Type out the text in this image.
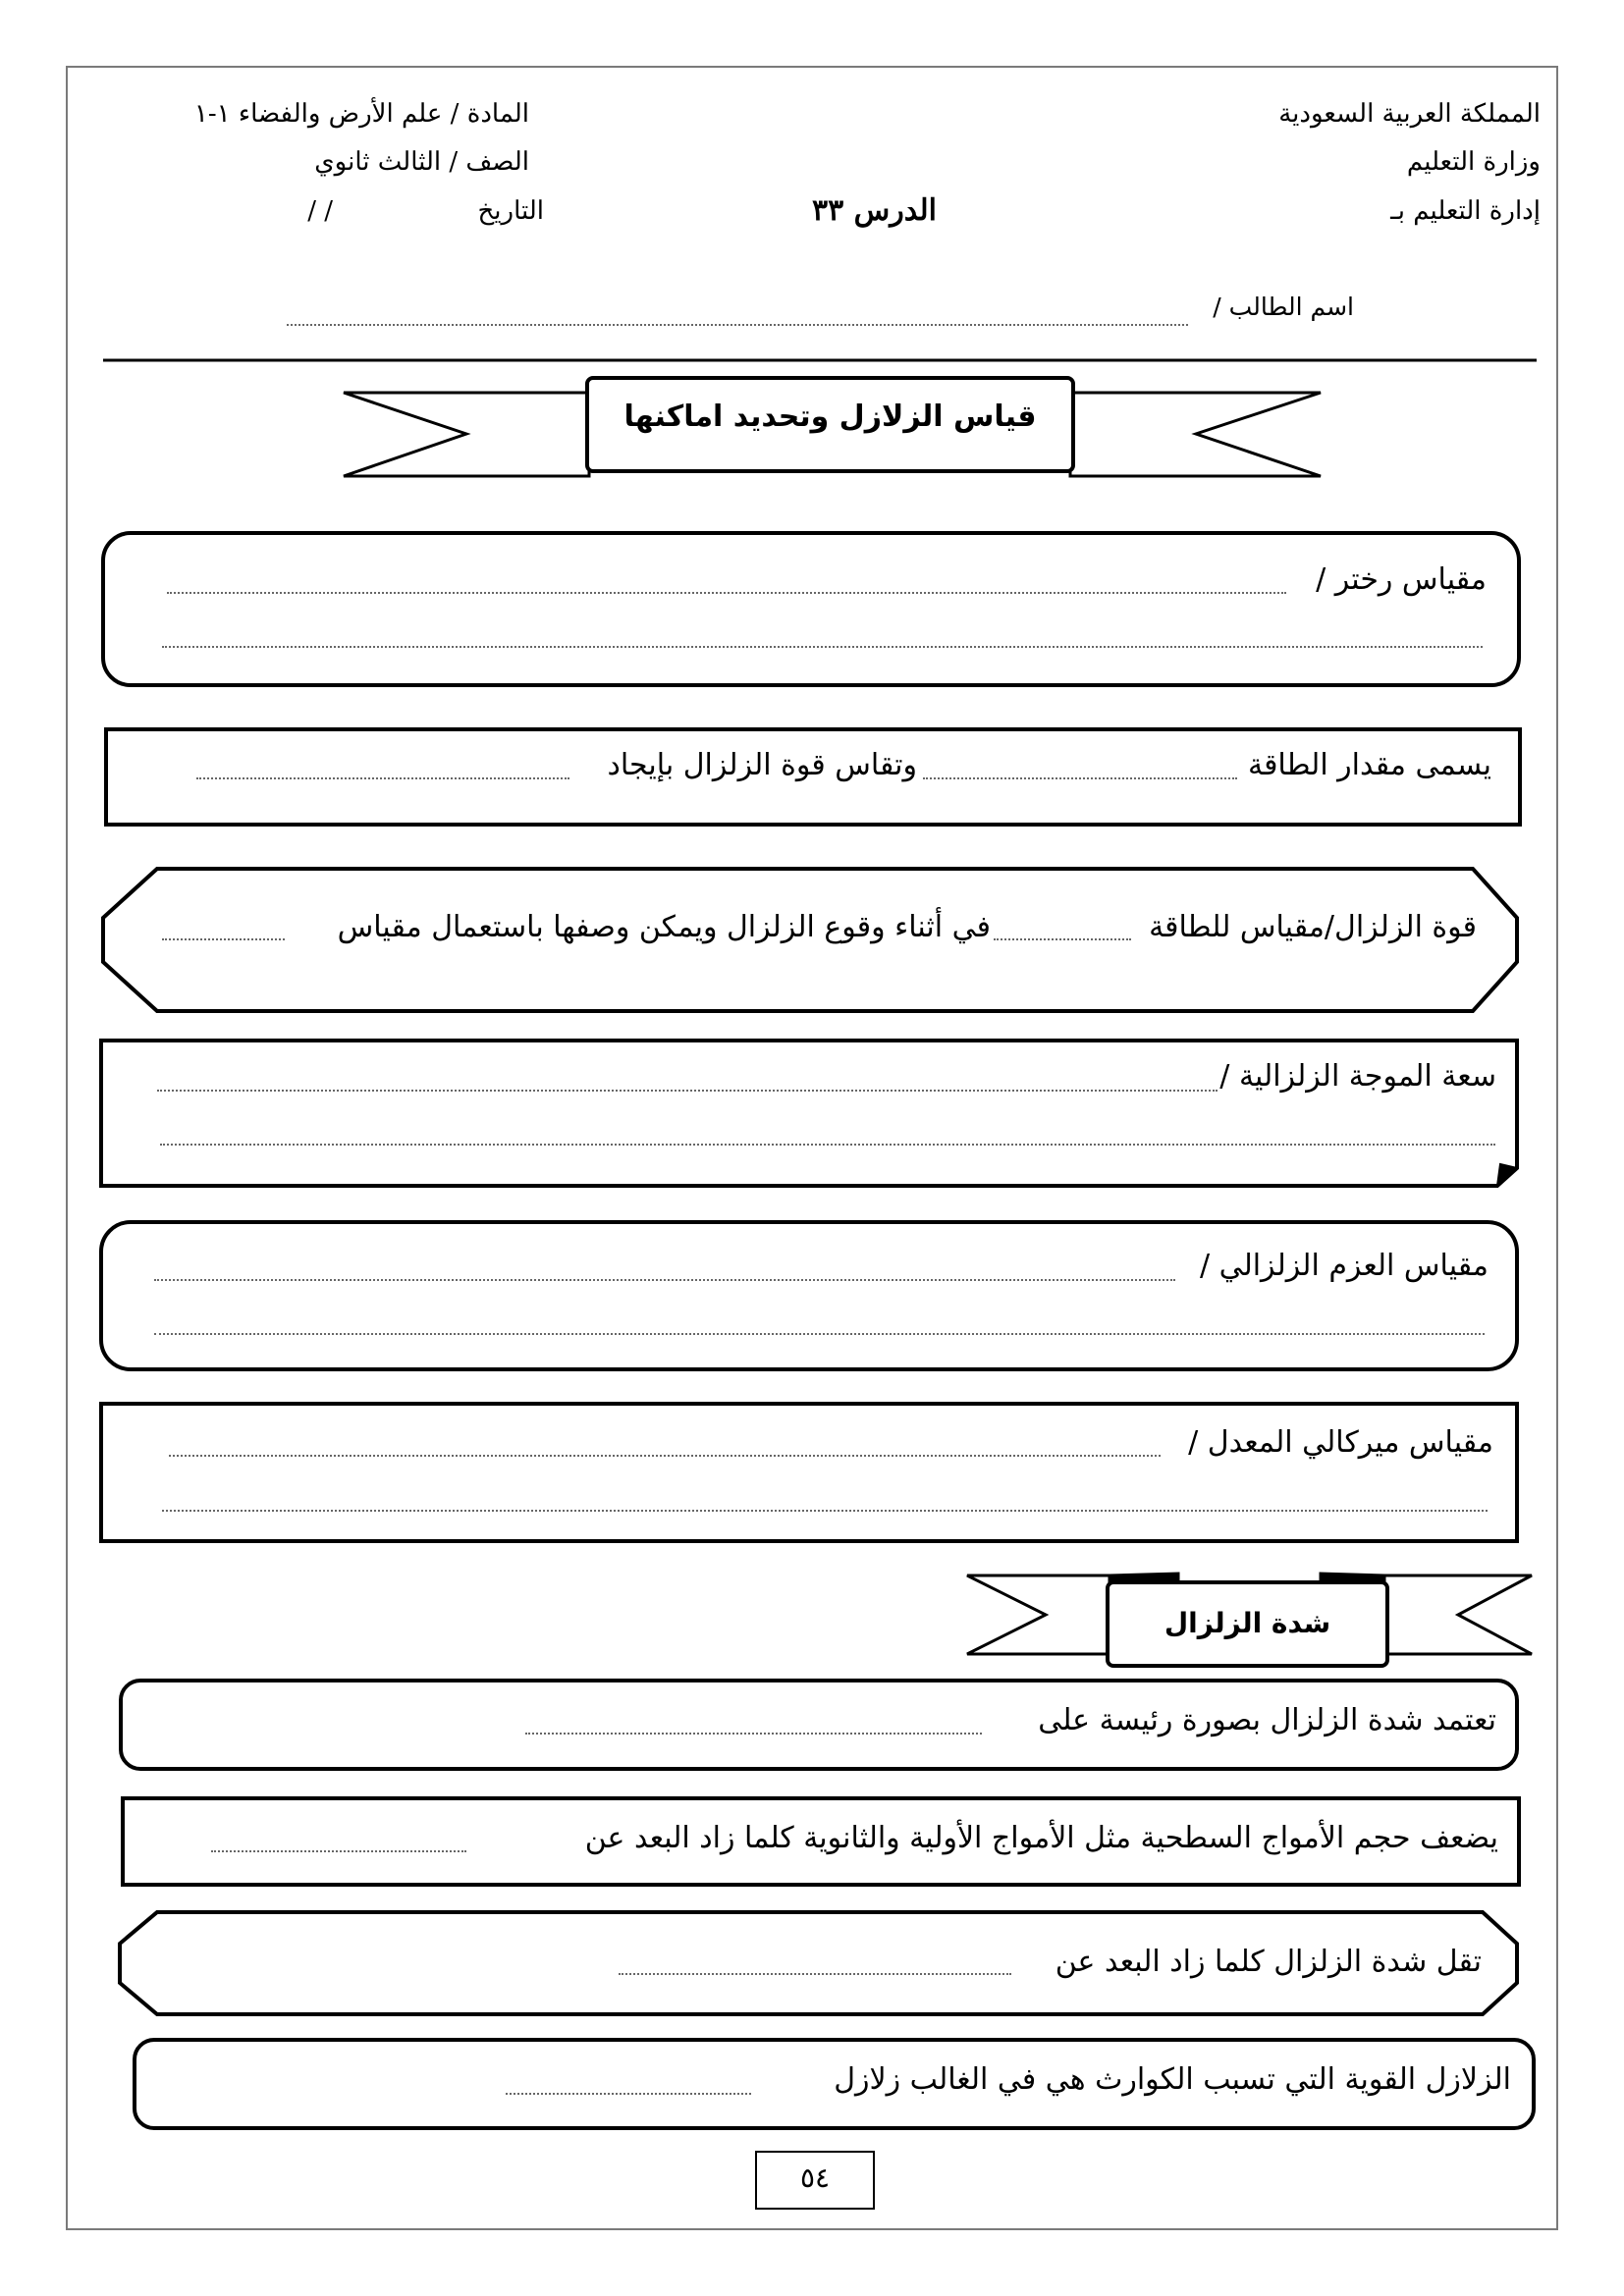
المملكة العربية السعودية
وزارة التعليم
إدارة التعليم بـ
المادة / علم الأرض والفضاء ١-١
الصف / الثالث ثانوي
التاريخ
/ /	الدرس ٣٣
اسم الطالب /
قياس الزلازل وتحديد اماكنها
مقياس رختر /
يسمى مقدار الطاقة
وتقاس قوة الزلزال بإيجاد
قوة الزلزال/مقياس للطاقة
في أثناء وقوع الزلزال ويمكن وصفها باستعمال مقياس
سعة الموجة الزلزالية /
مقياس العزم الزلزالي /
مقياس ميركالي المعدل /
شدة الزلزال
تعتمد شدة الزلزال بصورة رئيسة على
يضعف حجم الأمواج السطحية مثل الأمواج الأولية والثانوية كلما زاد البعد عن
تقل شدة الزلزال كلما زاد البعد عن
الزلازل القوية التي تسبب الكوارث هي في الغالب زلازل
٥٤
